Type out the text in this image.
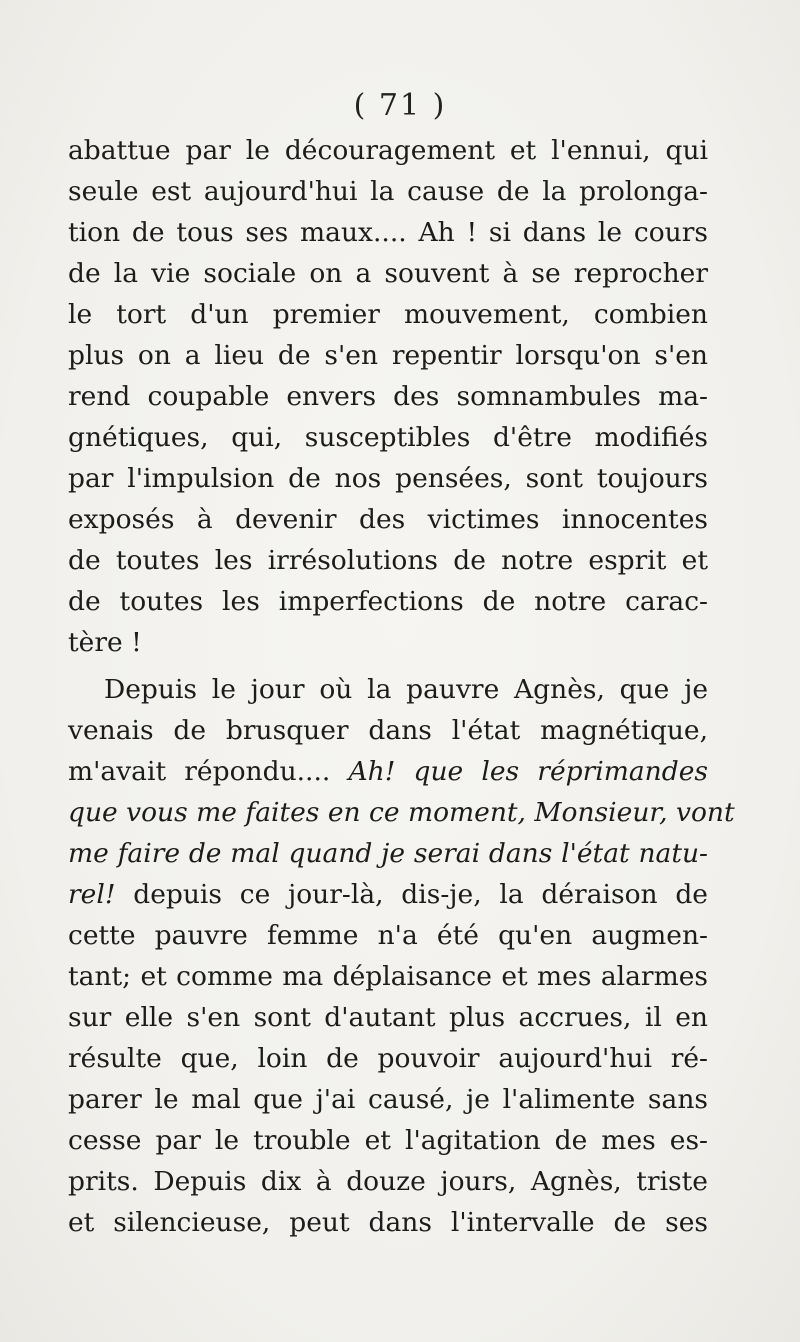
( 71 )
abattue par le découragement et l'ennui, qui
seule est aujourd'hui la cause de la prolonga-
tion de tous ses maux.... Ah ! si dans le cours
de la vie sociale on a souvent à se reprocher
le tort d'un premier mouvement, combien
plus on a lieu de s'en repentir lorsqu'on s'en
rend coupable envers des somnambules ma-
gnétiques, qui, susceptibles d'être modifiés
par l'impulsion de nos pensées, sont toujours
exposés à devenir des victimes innocentes
de toutes les irrésolutions de notre esprit et
de toutes les imperfections de notre carac-
tère !
Depuis le jour où la pauvre Agnès, que je
venais de brusquer dans l'état magnétique,
m'avait répondu.... Ah! que les réprimandes
que vous me faites en ce moment, Monsieur, vont
me faire de mal quand je serai dans l'état natu-
rel! depuis ce jour-là, dis-je, la déraison de
cette pauvre femme n'a été qu'en augmen-
tant; et comme ma déplaisance et mes alarmes
sur elle s'en sont d'autant plus accrues, il en
résulte que, loin de pouvoir aujourd'hui ré-
parer le mal que j'ai causé, je l'alimente sans
cesse par le trouble et l'agitation de mes es-
prits. Depuis dix à douze jours, Agnès, triste
et silencieuse, peut dans l'intervalle de ses
